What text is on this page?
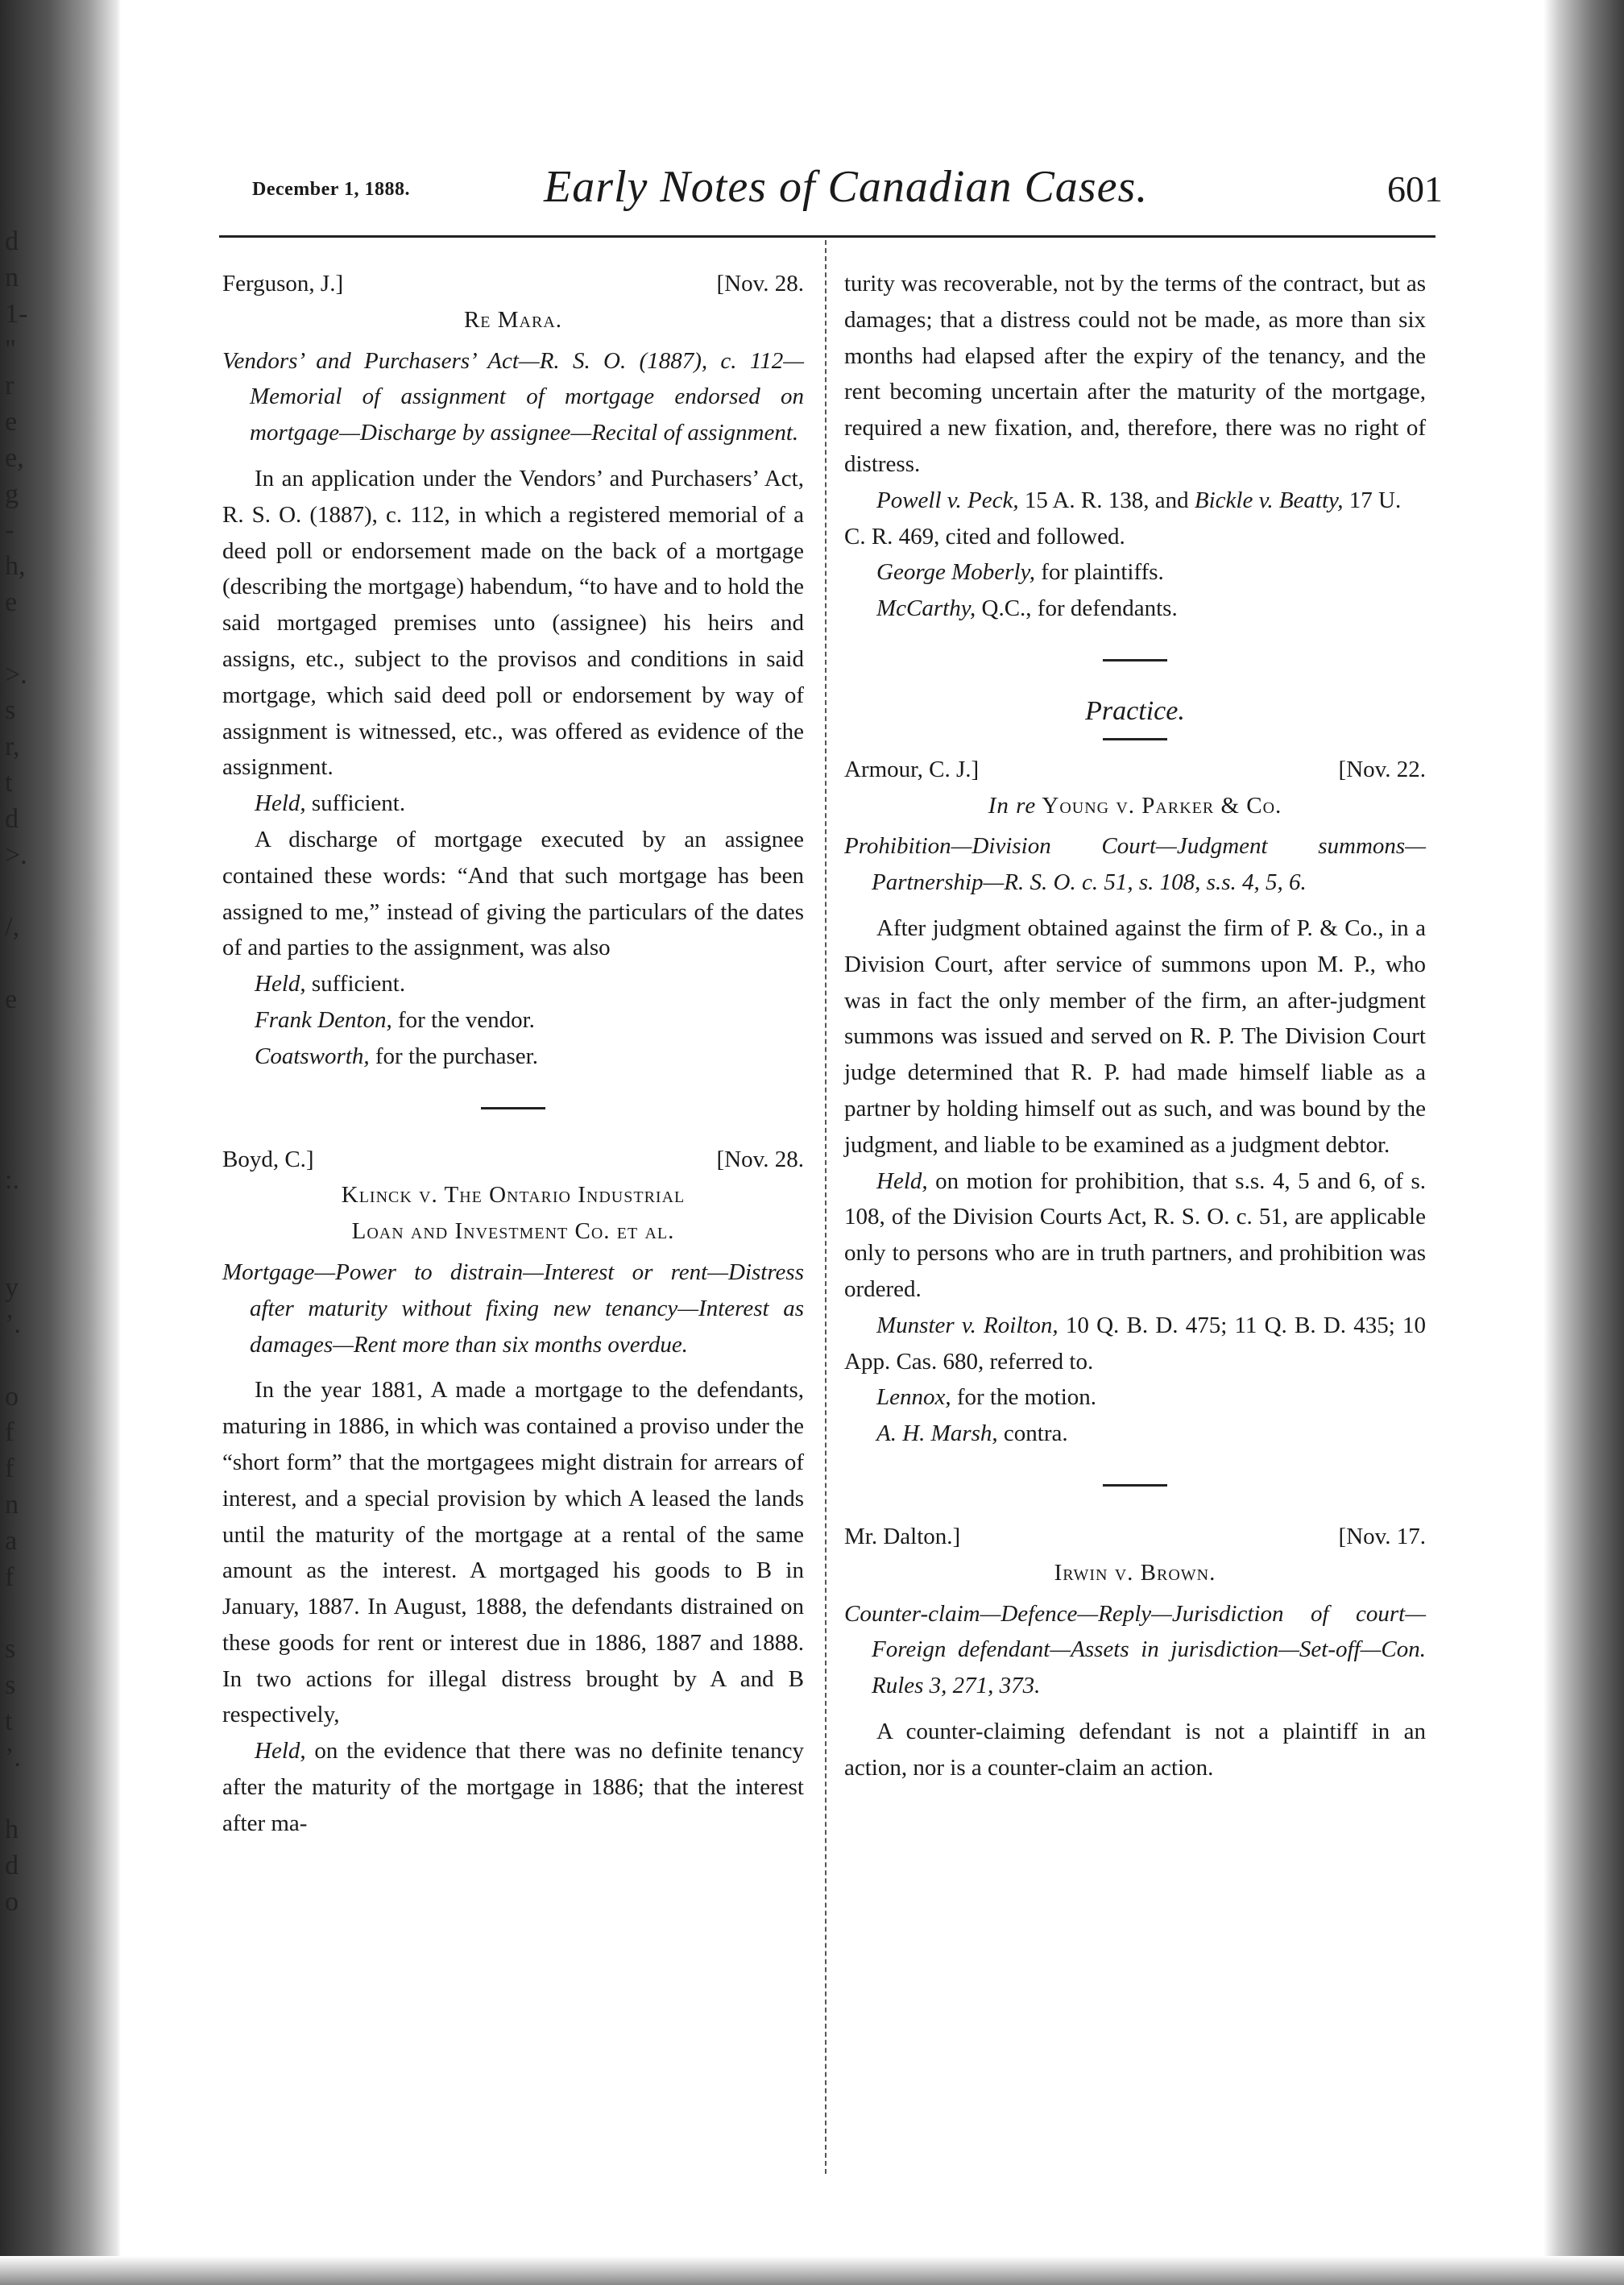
d
n
1-
"
r
e
e,
g
-
h,
e
>.
s
r,
t
d
>.
/,
e
:.
y
’.
o
f
f
n
a
f
s
s
t
’.
h
d
o
December 1, 1888.	Early Notes of Canadian Cases.	601
Ferguson, J.]	[Nov. 28.
Re Mara.

Vendors’ and Purchasers’ Act—R. S. O. (1887), c. 112—Memorial of assignment of mortgage endorsed on mortgage—Discharge by assignee—Recital of assignment.

In an application under the Vendors’ and Purchasers’ Act, R. S. O. (1887), c. 112, in which a registered memorial of a deed poll or endorsement made on the back of a mortgage (describing the mortgage) habendum, “to have and to hold the said mortgaged premises unto (assignee) his heirs and assigns, etc., subject to the provisos and conditions in said mortgage, which said deed poll or endorsement by way of assignment is witnessed, etc., was offered as evidence of the assignment.

Held, sufficient.

A discharge of mortgage executed by an assignee contained these words: “And that such mortgage has been assigned to me,” instead of giving the particulars of the dates of and parties to the assignment, was also

Held, sufficient.

Frank Denton, for the vendor.

Coatsworth, for the purchaser.

Boyd, C.]	[Nov. 28.
Klinck v. The Ontario Industrial
Loan and Investment Co. et al.

Mortgage—Power to distrain—Interest or rent—Distress after maturity without fixing new tenancy—Interest as damages—Rent more than six months overdue.

In the year 1881, A made a mortgage to the defendants, maturing in 1886, in which was contained a proviso under the “short form” that the mortgagees might distrain for arrears of interest, and a special provision by which A leased the lands until the maturity of the mortgage at a rental of the same amount as the interest. A mortgaged his goods to B in January, 1887. In August, 1888, the defendants distrained on these goods for rent or interest due in 1886, 1887 and 1888. In two actions for illegal distress brought by A and B respectively,

Held, on the evidence that there was no definite tenancy after the maturity of the mortgage in 1886; that the interest after ma-

turity was recoverable, not by the terms of the contract, but as damages; that a distress could not be made, as more than six months had elapsed after the expiry of the tenancy, and the rent becoming uncertain after the maturity of the mortgage, required a new fixation, and, therefore, there was no right of distress.

Powell v. Peck, 15 A. R. 138, and Bickle v. Beatty, 17 U. C. R. 469, cited and followed.

George Moberly, for plaintiffs.

McCarthy, Q.C., for defendants.

Practice.
Armour, C. J.]	[Nov. 22.
In re Young v. Parker & Co.

Prohibition—Division Court—Judgment summons—Partnership—R. S. O. c. 51, s. 108, s.s. 4, 5, 6.

After judgment obtained against the firm of P. & Co., in a Division Court, after service of summons upon M. P., who was in fact the only member of the firm, an after-judgment summons was issued and served on R. P. The Division Court judge determined that R. P. had made himself liable as a partner by holding himself out as such, and was bound by the judgment, and liable to be examined as a judgment debtor.

Held, on motion for prohibition, that s.s. 4, 5 and 6, of s. 108, of the Division Courts Act, R. S. O. c. 51, are applicable only to persons who are in truth partners, and prohibition was ordered.

Munster v. Roilton, 10 Q. B. D. 475; 11 Q. B. D. 435; 10 App. Cas. 680, referred to.

Lennox, for the motion.

A. H. Marsh, contra.

Mr. Dalton.]	[Nov. 17.
Irwin v. Brown.

Counter-claim—Defence—Reply—Jurisdiction of court—Foreign defendant—Assets in jurisdiction—Set-off—Con. Rules 3, 271, 373.

A counter-claiming defendant is not a plaintiff in an action, nor is a counter-claim an action.
